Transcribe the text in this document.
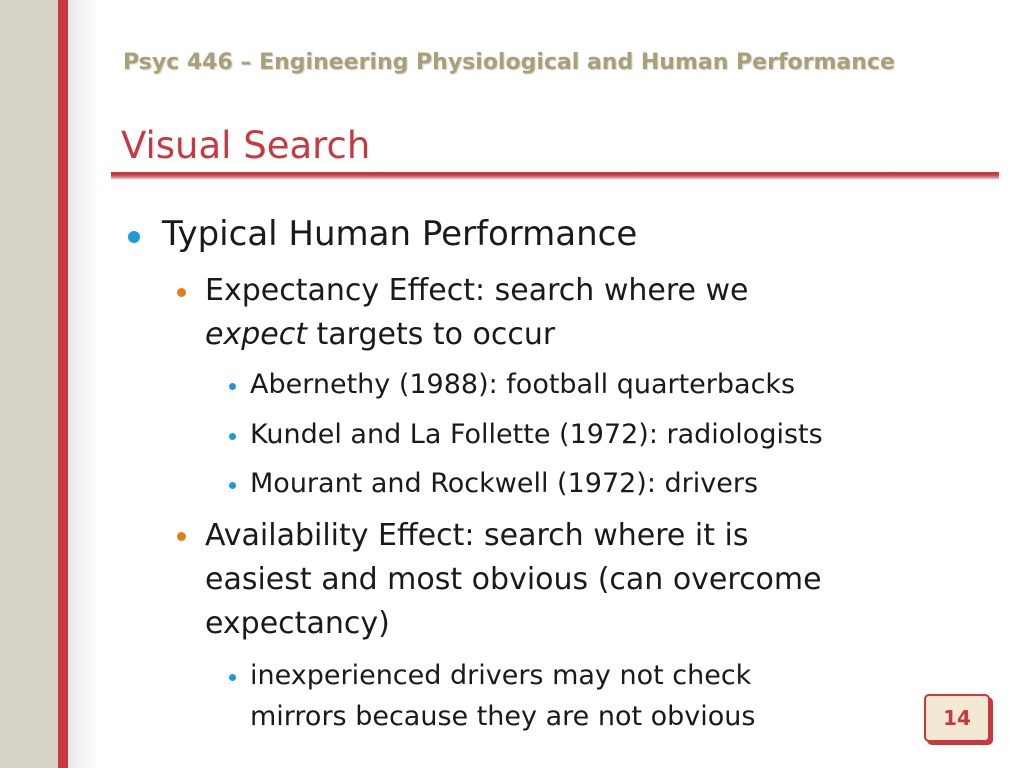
Psyc 446 – Engineering Physiological and Human Performance
Visual Search
Typical Human Performance
Expectancy Effect: search where we
expect targets to occur
Abernethy (1988): football quarterbacks
Kundel and La Follette (1972): radiologists
Mourant and Rockwell (1972): drivers
Availability Effect: search where it is
easiest and most obvious (can overcome
expectancy)
inexperienced drivers may not check
mirrors because they are not obvious	14
